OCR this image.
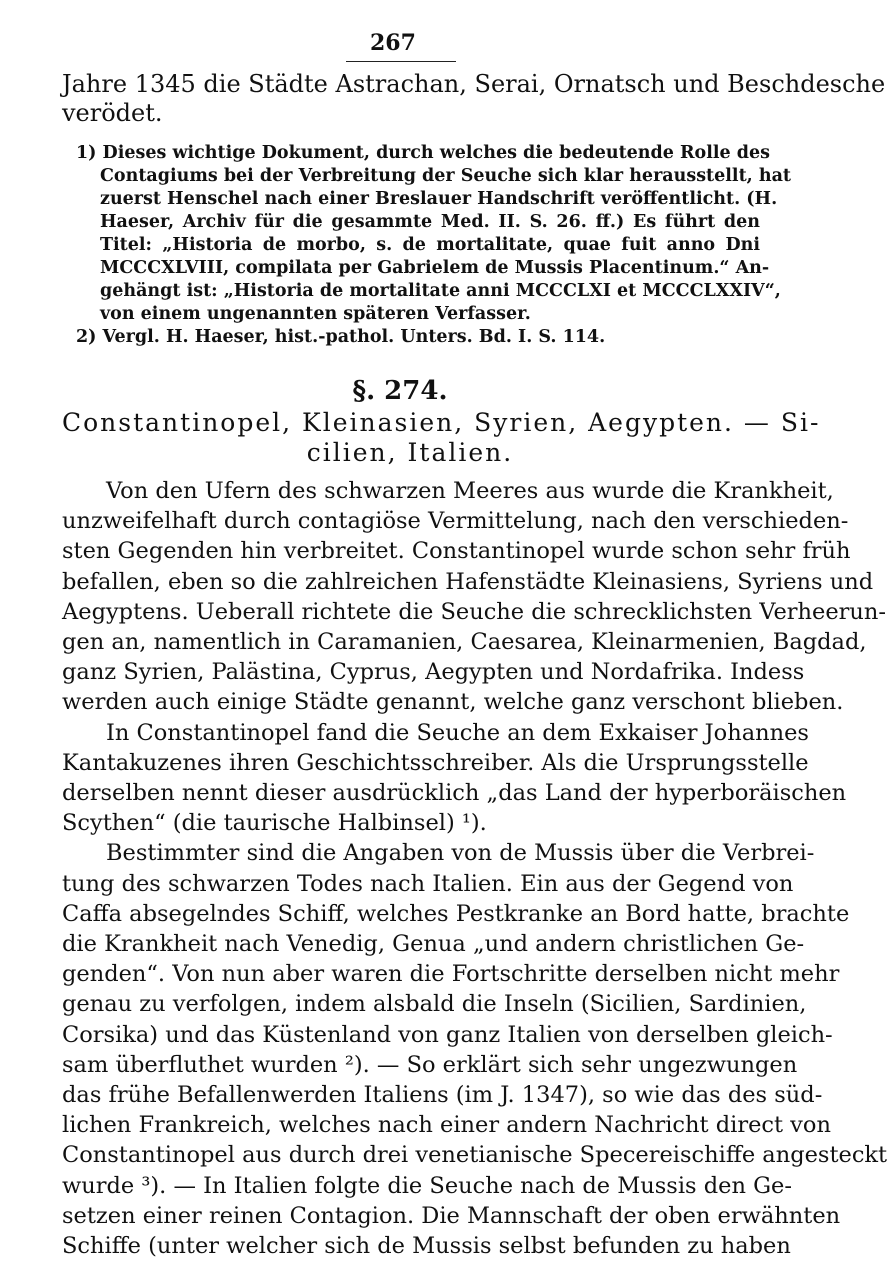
267
Jahre 1345 die Städte Astrachan, Serai, Ornatsch und Beschdesche
verödet.
1) Dieses wichtige Dokument, durch welches die bedeutende Rolle des
Contagiums bei der Verbreitung der Seuche sich klar herausstellt, hat
zuerst Henschel nach einer Breslauer Handschrift veröffentlicht. (H.
Haeser, Archiv für die gesammte Med. II. S. 26. ff.) Es führt den
Titel: „Historia de morbo, s. de mortalitate, quae fuit anno Dni
MCCCXLVIII, compilata per Gabrielem de Mussis Placentinum.“ An-
gehängt ist: „Historia de mortalitate anni MCCCLXI et MCCCLXXIV“,
von einem ungenannten späteren Verfasser.
2) Vergl. H. Haeser, hist.-pathol. Unters. Bd. I. S. 114.
§. 274.
Constantinopel, Kleinasien, Syrien, Aegypten. — Si-
cilien, Italien.
Von den Ufern des schwarzen Meeres aus wurde die Krankheit,
unzweifelhaft durch contagiöse Vermittelung, nach den verschieden-
sten Gegenden hin verbreitet. Constantinopel wurde schon sehr früh
befallen, eben so die zahlreichen Hafenstädte Kleinasiens, Syriens und
Aegyptens. Ueberall richtete die Seuche die schrecklichsten Verheerun-
gen an, namentlich in Caramanien, Caesarea, Kleinarmenien, Bagdad,
ganz Syrien, Palästina, Cyprus, Aegypten und Nordafrika. Indess
werden auch einige Städte genannt, welche ganz verschont blieben.
In Constantinopel fand die Seuche an dem Exkaiser Johannes
Kantakuzenes ihren Geschichtsschreiber. Als die Ursprungsstelle
derselben nennt dieser ausdrücklich „das Land der hyperboräischen
Scythen“ (die taurische Halbinsel) ¹).
Bestimmter sind die Angaben von de Mussis über die Verbrei-
tung des schwarzen Todes nach Italien. Ein aus der Gegend von
Caffa absegelndes Schiff, welches Pestkranke an Bord hatte, brachte
die Krankheit nach Venedig, Genua „und andern christlichen Ge-
genden“. Von nun aber waren die Fortschritte derselben nicht mehr
genau zu verfolgen, indem alsbald die Inseln (Sicilien, Sardinien,
Corsika) und das Küstenland von ganz Italien von derselben gleich-
sam überfluthet wurden ²). — So erklärt sich sehr ungezwungen
das frühe Befallenwerden Italiens (im J. 1347), so wie das des süd-
lichen Frankreich, welches nach einer andern Nachricht direct von
Constantinopel aus durch drei venetianische Specereischiffe angesteckt
wurde ³). — In Italien folgte die Seuche nach de Mussis den Ge-
setzen einer reinen Contagion. Die Mannschaft der oben erwähnten
Schiffe (unter welcher sich de Mussis selbst befunden zu haben
